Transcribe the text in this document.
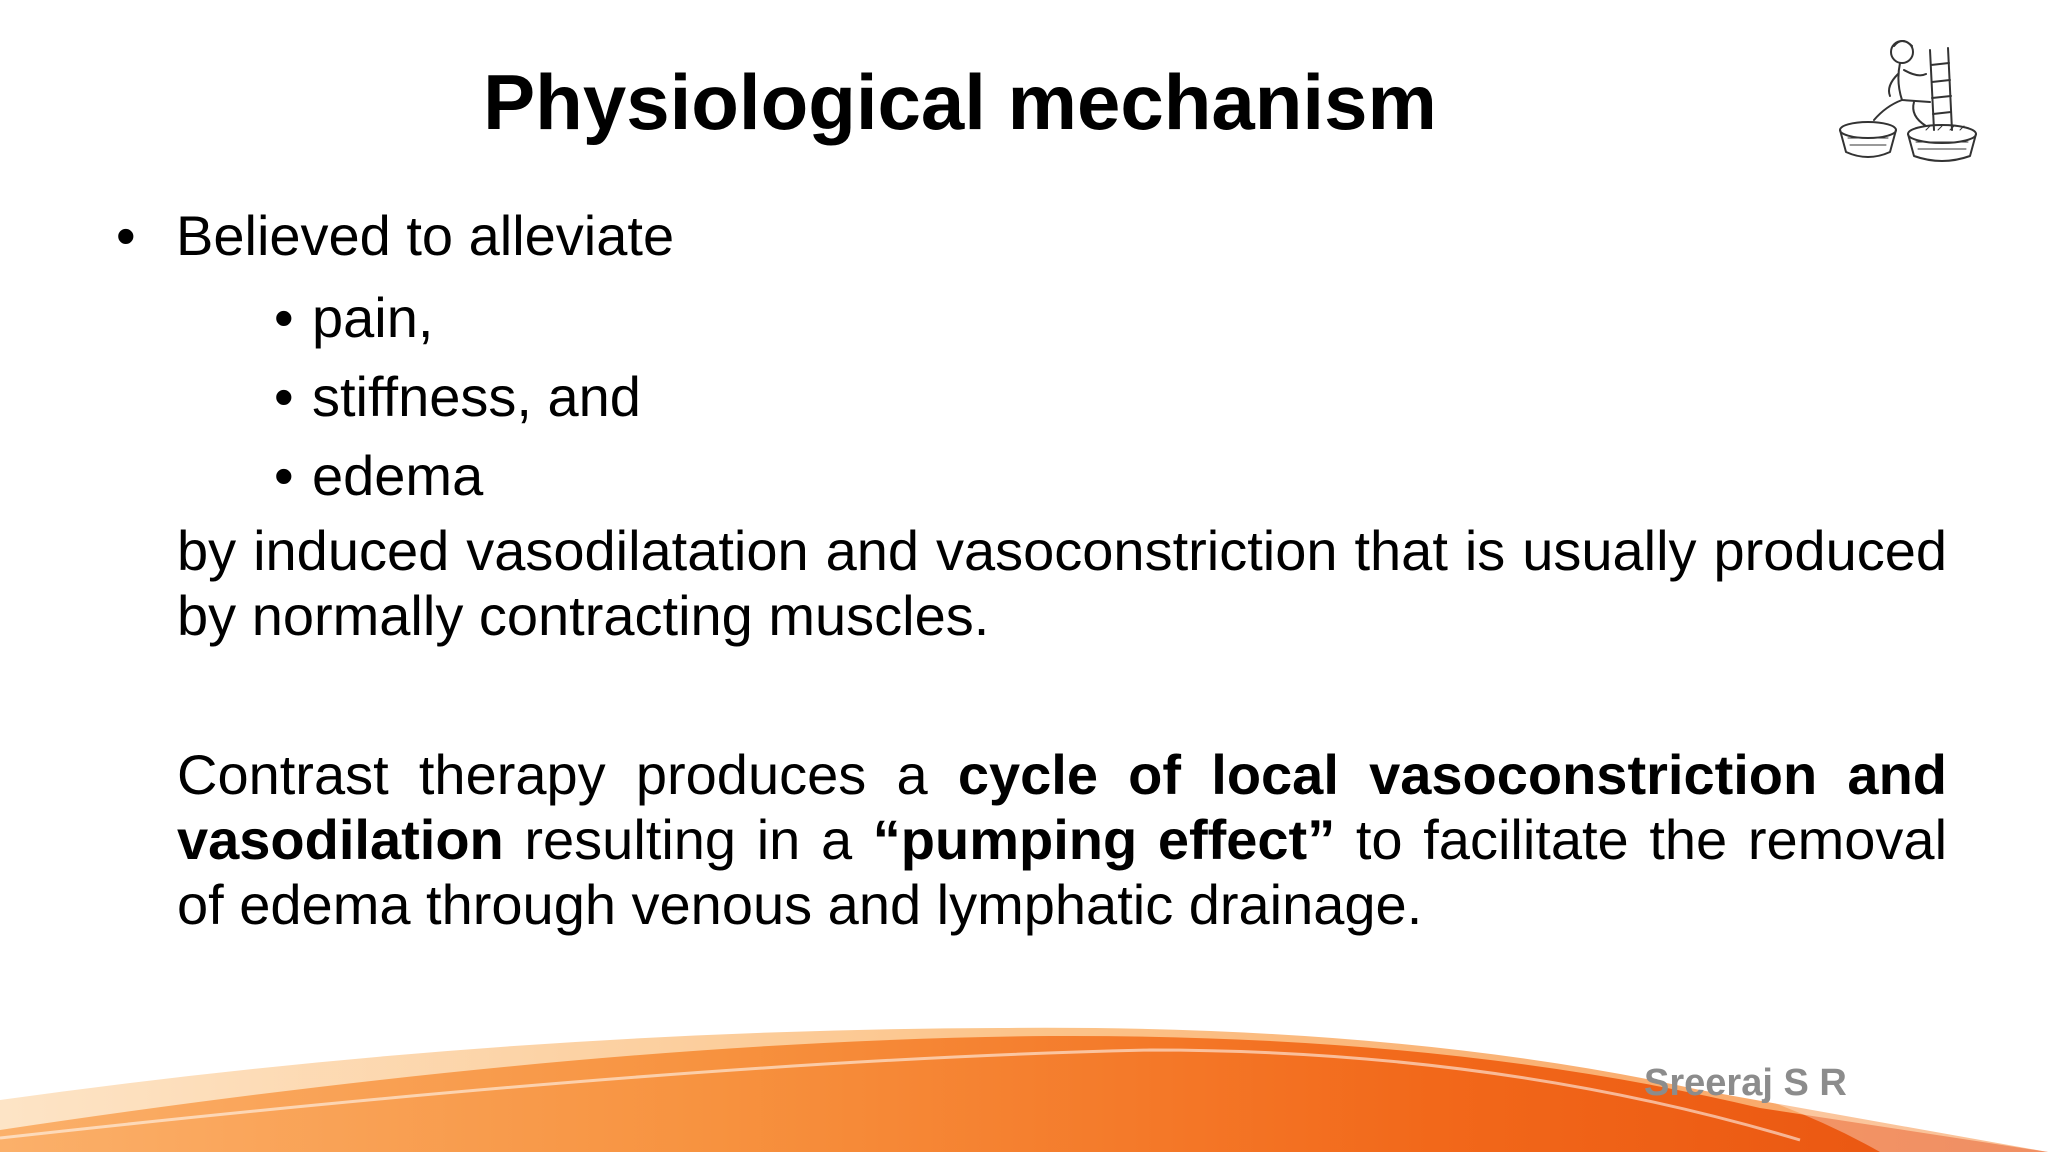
Physiological mechanism
• Believed to alleviate
• pain,
• stiffness, and
• edema

by induced vasodilatation and vasoconstriction that is usually produced by normally contracting muscles.

Contrast therapy produces a cycle of local vasoconstriction and vasodilation resulting in a “pumping effect” to facilitate the removal of edema through venous and lymphatic drainage.

Sreeraj S R
